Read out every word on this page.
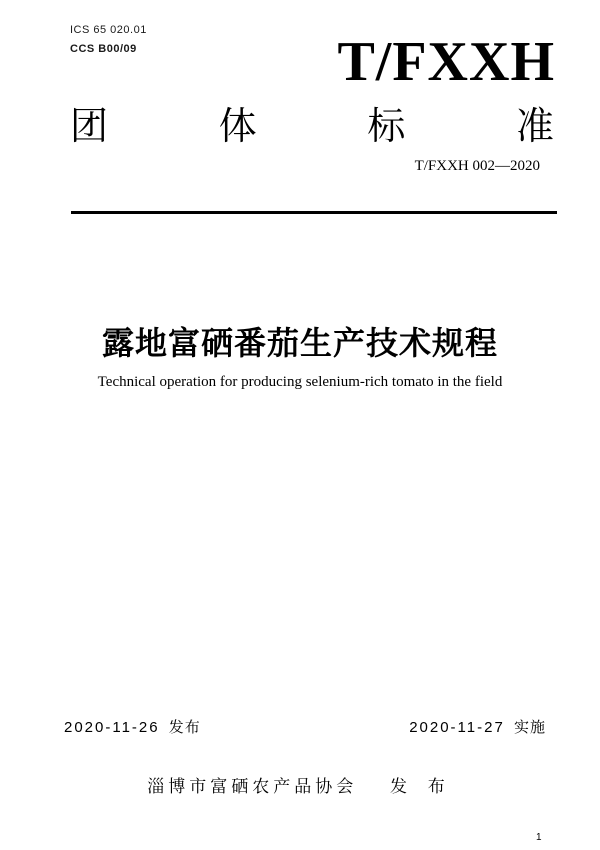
ICS 65 020.01
CCS B00/09	T/FXXH
团	体	标	准
T/FXXH 002—2020
露地富硒番茄生产技术规程
Technical operation for producing selenium-rich tomato in the field
2020-11-26 发布	2020-11-27 实施
淄博市富硒农产品协会 发 布
1
